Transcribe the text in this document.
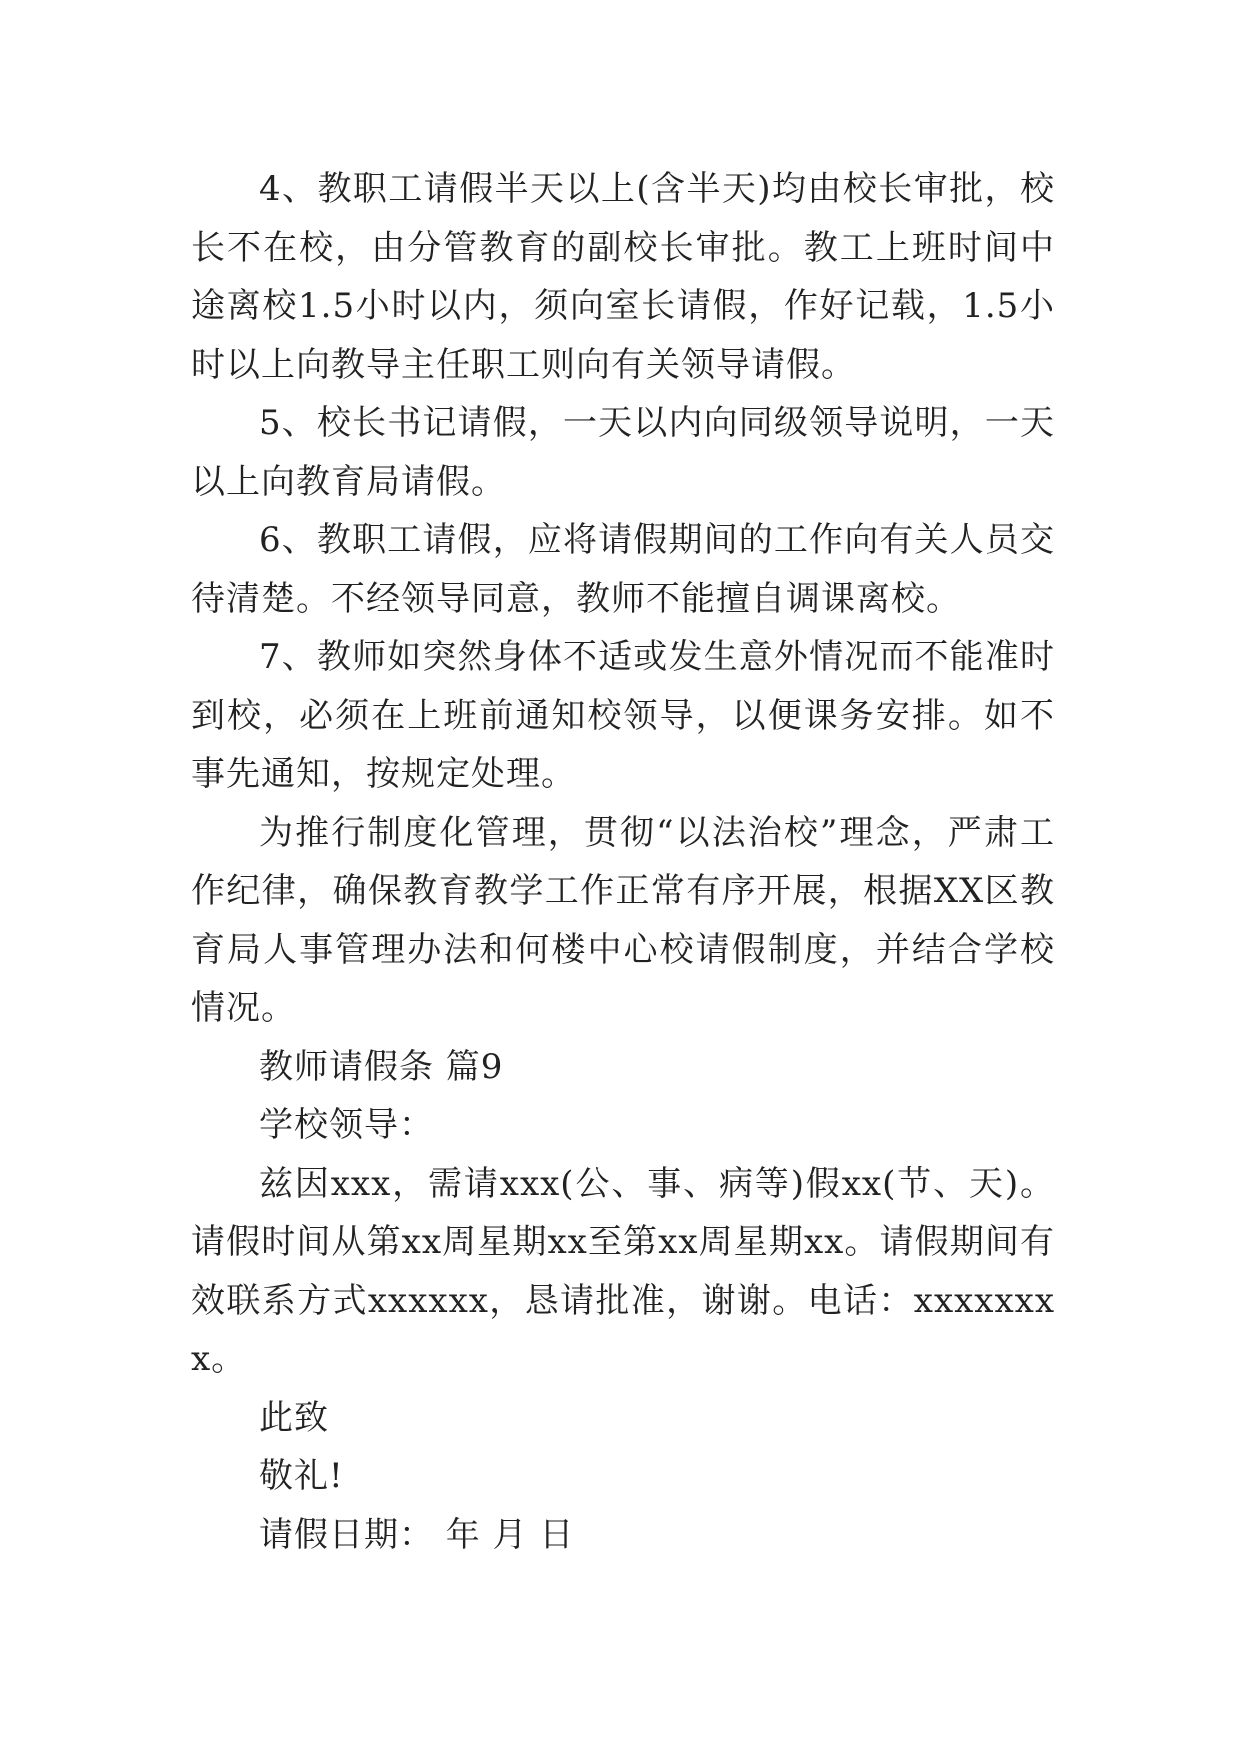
4、教职工请假半天以上(含半天)均由校长审批，校长不在校，由分管教育的副校长审批。教工上班时间中途离校1.5小时以内，须向室长请假，作好记载，1.5小时以上向教导主任职工则向有关领导请假。

5、校长书记请假，一天以内向同级领导说明，一天以上向教育局请假。

6、教职工请假，应将请假期间的工作向有关人员交待清楚。不经领导同意，教师不能擅自调课离校。

7、教师如突然身体不适或发生意外情况而不能准时到校，必须在上班前通知校领导，以便课务安排。如不事先通知，按规定处理。

为推行制度化管理，贯彻“以法治校”理念，严肃工作纪律，确保教育教学工作正常有序开展，根据XX区教育局人事管理办法和何楼中心校请假制度，并结合学校情况。

教师请假条 篇9

学校领导：

兹因xxx，需请xxx(公、事、病等)假xx(节、天)。请假时间从第xx周星期xx至第xx周星期xx。请假期间有效联系方式xxxxxx，恳请批准，谢谢。电话：xxxxxxxx。

此致

敬礼!

请假日期： 年 月 日
